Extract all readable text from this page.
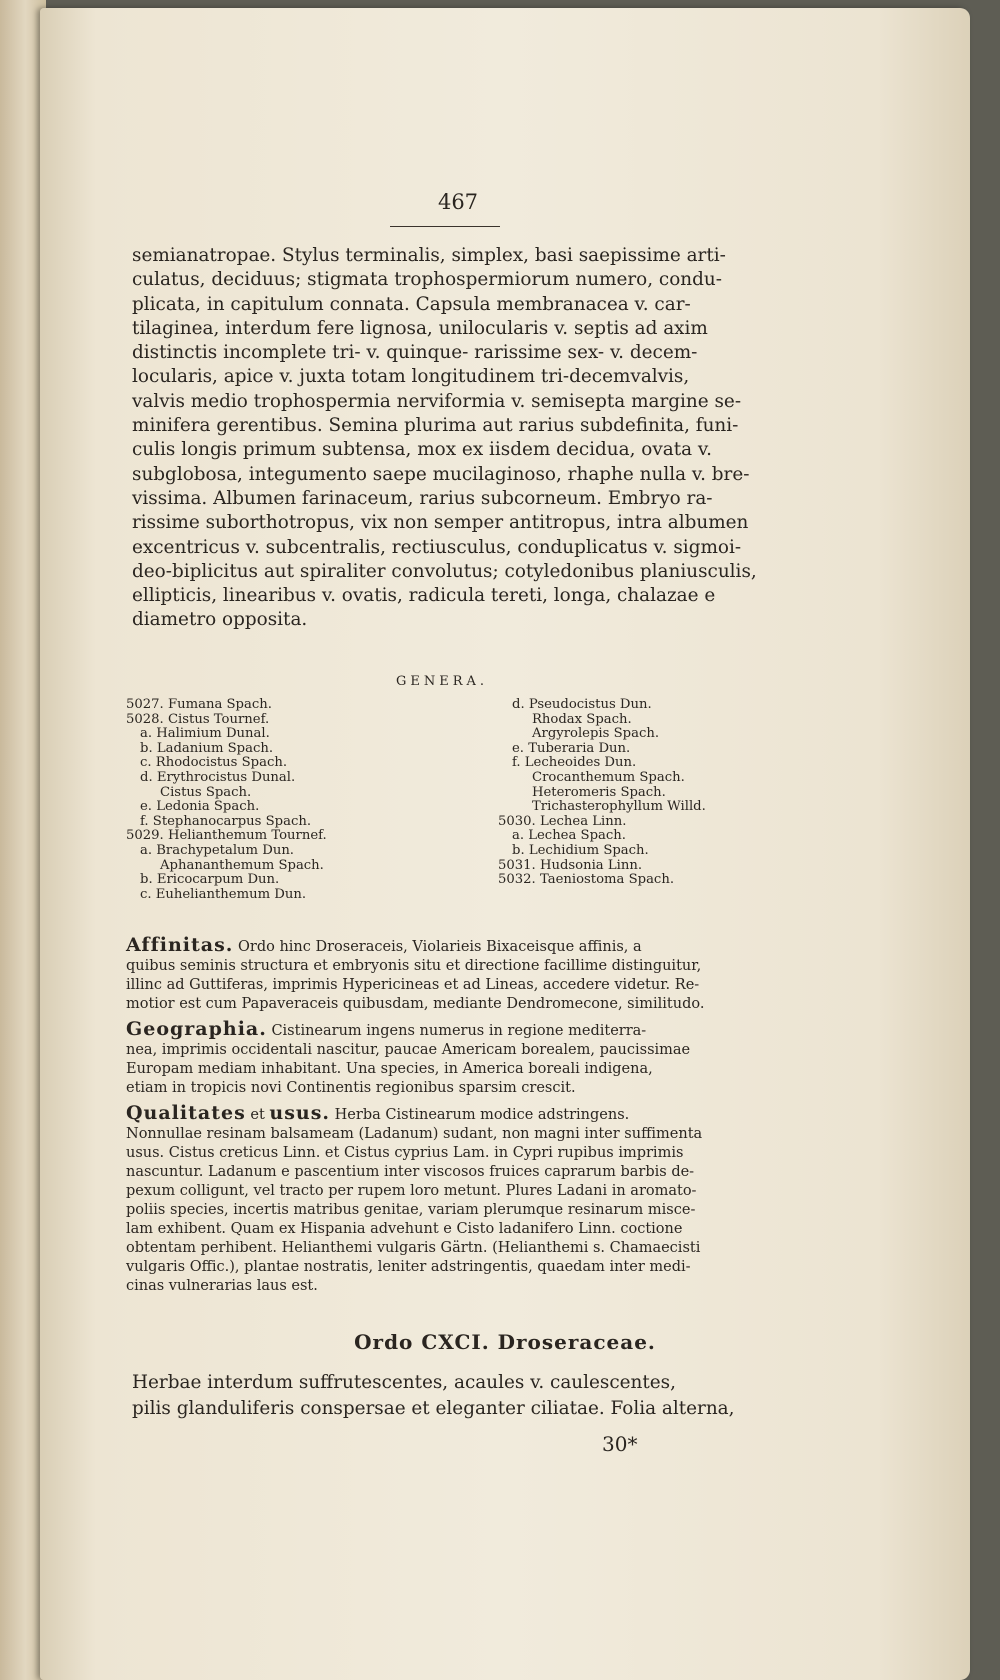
467
semianatropae. Stylus terminalis, simplex, basi saepissime arti-
culatus, deciduus; stigmata trophospermiorum numero, condu-
plicata, in capitulum connata. Capsula membranacea v. car-
tilaginea, interdum fere lignosa, unilocularis v. septis ad axim
distinctis incomplete tri- v. quinque- rarissime sex- v. decem-
locularis, apice v. juxta totam longitudinem tri-decemvalvis,
valvis medio trophospermia nerviformia v. semisepta margine se-
minifera gerentibus. Semina plurima aut rarius subdefinita, funi-
culis longis primum subtensa, mox ex iisdem decidua, ovata v.
subglobosa, integumento saepe mucilaginoso, rhaphe nulla v. bre-
vissima. Albumen farinaceum, rarius subcorneum. Embryo ra-
rissime suborthotropus, vix non semper antitropus, intra albumen
excentricus v. subcentralis, rectiusculus, conduplicatus v. sigmoi-
deo-biplicitus aut spiraliter convolutus; cotyledonibus planiusculis,
ellipticis, linearibus v. ovatis, radicula tereti, longa, chalazae e
diametro opposita.
GENERA.
5027. Fumana Spach.
5028. Cistus Tournef.
a. Halimium Dunal.
b. Ladanium Spach.
c. Rhodocistus Spach.
d. Erythrocistus Dunal.
Cistus Spach.
e. Ledonia Spach.
f. Stephanocarpus Spach.
5029. Helianthemum Tournef.
a. Brachypetalum Dun.
Aphananthemum Spach.
b. Ericocarpum Dun.
c. Euhelianthemum Dun.
d. Pseudocistus Dun.
Rhodax Spach.
Argyrolepis Spach.
e. Tuberaria Dun.
f. Lecheoides Dun.
Crocanthemum Spach.
Heteromeris Spach.
Trichasterophyllum Willd.
5030. Lechea Linn.
a. Lechea Spach.
b. Lechidium Spach.
5031. Hudsonia Linn.
5032. Taeniostoma Spach.
Affinitas. Ordo hinc Droseraceis, Violarieis Bixaceisque affinis, a
quibus seminis structura et embryonis situ et directione facillime distinguitur,
illinc ad Guttiferas, imprimis Hypericineas et ad Lineas, accedere videtur. Re-
motior est cum Papaveraceis quibusdam, mediante Dendromecone, similitudo.
Geographia. Cistinearum ingens numerus in regione mediterra-
nea, imprimis occidentali nascitur, paucae Americam borealem, paucissimae
Europam mediam inhabitant. Una species, in America boreali indigena,
etiam in tropicis novi Continentis regionibus sparsim crescit.
Qualitates et usus. Herba Cistinearum modice adstringens.
Nonnullae resinam balsameam (Ladanum) sudant, non magni inter suffimenta
usus. Cistus creticus Linn. et Cistus cyprius Lam. in Cypri rupibus imprimis
nascuntur. Ladanum e pascentium inter viscosos fruices caprarum barbis de-
pexum colligunt, vel tracto per rupem loro metunt. Plures Ladani in aromato-
poliis species, incertis matribus genitae, variam plerumque resinarum misce-
lam exhibent. Quam ex Hispania advehunt e Cisto ladanifero Linn. coctione
obtentam perhibent. Helianthemi vulgaris Gärtn. (Helianthemi s. Chamaecisti
vulgaris Offic.), plantae nostratis, leniter adstringentis, quaedam inter medi-
cinas vulnerarias laus est.
Ordo CXCI. Droseraceae.
Herbae interdum suffrutescentes, acaules v. caulescentes,
pilis glanduliferis conspersae et eleganter ciliatae. Folia alterna,
30*
